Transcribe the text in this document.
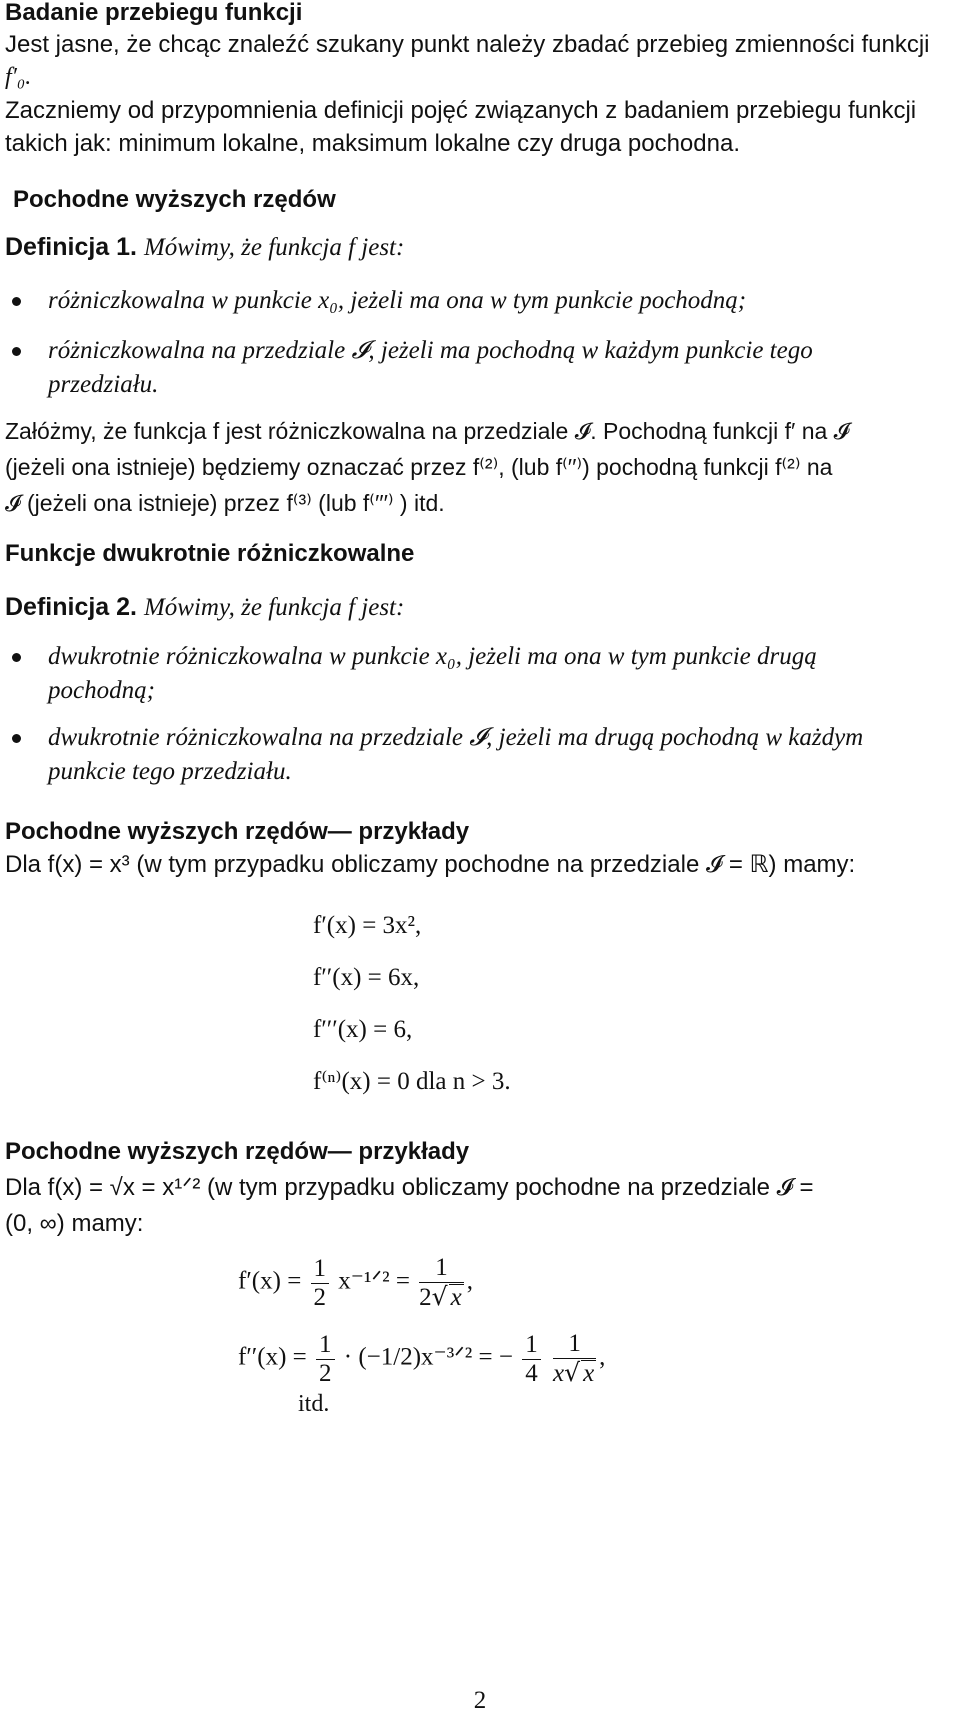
Badanie przebiegu funkcji
Jest jasne, że chcąc znaleźć szukany punkt należy zbadać przebieg zmienności funkcji
f′₀.
Zaczniemy od przypomnienia definicji pojęć związanych z badaniem przebiegu funkcji
takich jak: minimum lokalne, maksimum lokalne czy druga pochodna.
Pochodne wyższych rzędów
Definicja 1. Mówimy, że funkcja f jest:
różniczkowalna w punkcie x₀, jeżeli ma ona w tym punkcie pochodną;
różniczkowalna na przedziale 𝓘, jeżeli ma pochodną w każdym punkcie tego
przedziału.
Załóżmy, że funkcja f jest różniczkowalna na przedziale 𝓘. Pochodną funkcji f′ na 𝓘
(jeżeli ona istnieje) będziemy oznaczać przez f⁽²⁾, (lub f⁽′′⁾) pochodną funkcji f⁽²⁾ na
𝓘 (jeżeli ona istnieje) przez f⁽³⁾ (lub f⁽′′′⁾ ) itd.
Funkcje dwukrotnie różniczkowalne
Definicja 2. Mówimy, że funkcja f jest:
dwukrotnie różniczkowalna w punkcie x₀, jeżeli ma ona w tym punkcie drugą
pochodną;
dwukrotnie różniczkowalna na przedziale 𝓘, jeżeli ma drugą pochodną w każdym
punkcie tego przedziału.
Pochodne wyższych rzędów— przykłady
Dla f(x) = x³ (w tym przypadku obliczamy pochodne na przedziale 𝓘 = ℝ) mamy:
f′(x) = 3x²,
f′′(x) = 6x,
f′′′(x) = 6,
f⁽ⁿ⁾(x) = 0 dla n > 3.
Pochodne wyższych rzędów— przykłady
Dla f(x) = √x = x¹ᐟ² (w tym przypadku obliczamy pochodne na przedziale 𝓘 =
(0, ∞) mamy:
$f'(x) = \frac{1}{2}$ x⁻¹ᐟ² = $\frac{1}{2√ x}$ ,
$f''(x) = \frac{1}{2}$ · (−1/2)x⁻³ᐟ² = − $\frac{1}{4}$
$\frac{1}{x√ x}$ ,
itd.
2
